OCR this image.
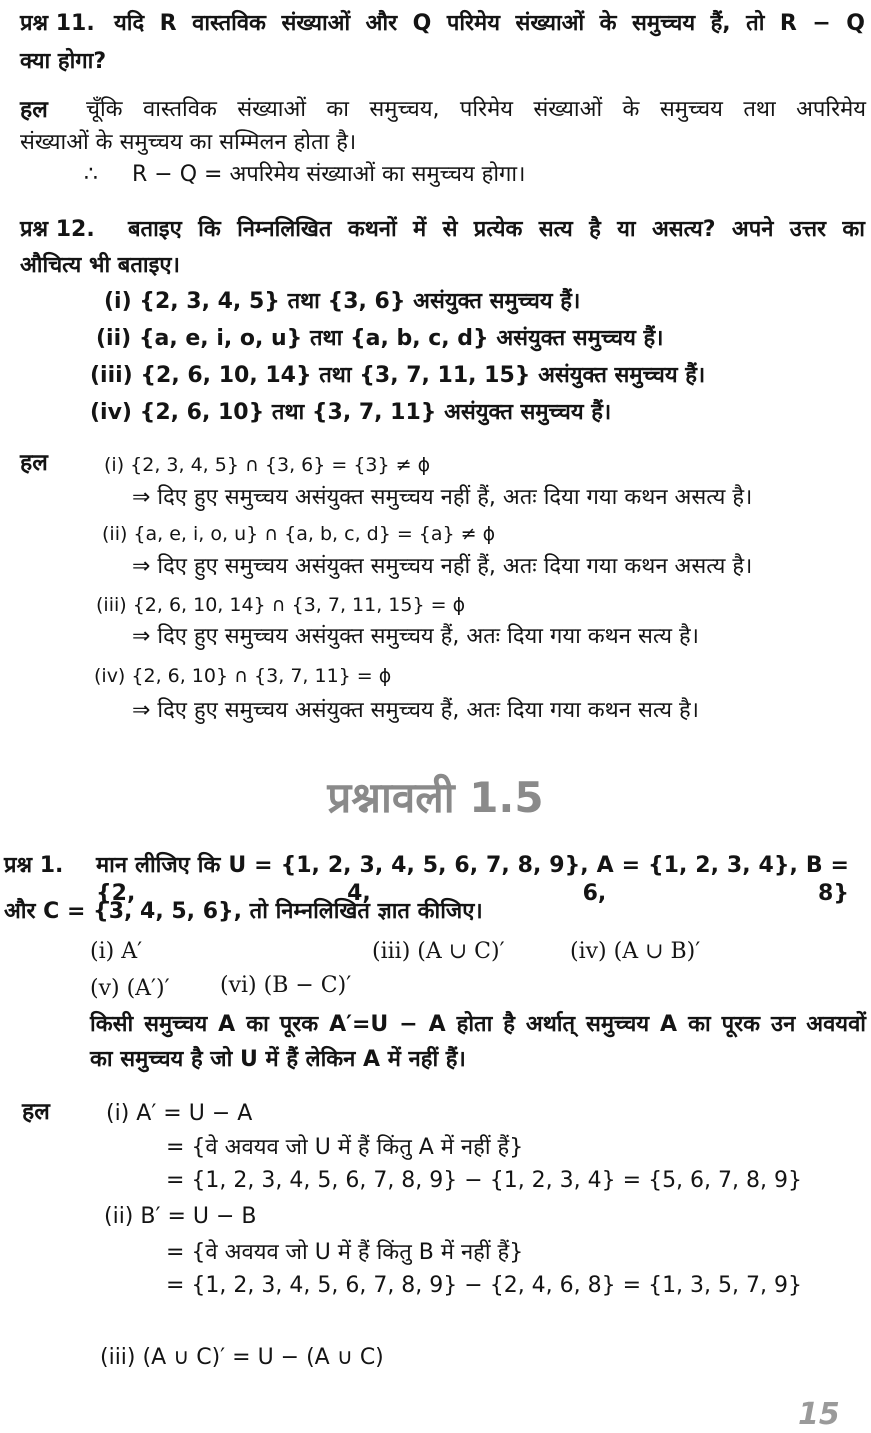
यदि R वास्तविक संख्याओं और Q परिमेय संख्याओं के समुच्चय हैं, तो R − Q
प्रश्न 11.
क्या होगा?
हल चूँकि वास्तविक संख्याओं का समुच्चय, परिमेय संख्याओं के समुच्चय तथा अपरिमेय
संख्याओं के समुच्चय का सम्मिलन होता है।
∴ R − Q = अपरिमेय संख्याओं का समुच्चय होगा।
बताइए कि निम्नलिखित कथनों में से प्रत्येक सत्य है या असत्य? अपने उत्तर का
प्रश्न 12.
औचित्य भी बताइए।
(i) {2, 3, 4, 5} तथा {3, 6} असंयुक्त समुच्चय हैं।
(ii) {a, e, i, o, u} तथा {a, b, c, d} असंयुक्त समुच्चय हैं।
(iii) {2, 6, 10, 14} तथा {3, 7, 11, 15} असंयुक्त समुच्चय हैं।
(iv) {2, 6, 10} तथा {3, 7, 11} असंयुक्त समुच्चय हैं।
हल	(i) {2, 3, 4, 5} ∩ {3, 6} = {3} ≠ ϕ
⇒ दिए हुए समुच्चय असंयुक्त समुच्चय नहीं हैं, अतः दिया गया कथन असत्य है।
(ii) {a, e, i, o, u} ∩ {a, b, c, d} = {a} ≠ ϕ
⇒ दिए हुए समुच्चय असंयुक्त समुच्चय नहीं हैं, अतः दिया गया कथन असत्य है।
(iii) {2, 6, 10, 14} ∩ {3, 7, 11, 15} = ϕ
⇒ दिए हुए समुच्चय असंयुक्त समुच्चय हैं, अतः दिया गया कथन सत्य है।
(iv) {2, 6, 10} ∩ {3, 7, 11} = ϕ
⇒ दिए हुए समुच्चय असंयुक्त समुच्चय हैं, अतः दिया गया कथन सत्य है।
प्रश्नावली 1.5
मान लीजिए कि U = {1, 2, 3, 4, 5, 6, 7, 8, 9}, A = {1, 2, 3, 4}, B = {2, 4, 6, 8}
प्रश्न 1.
और C = {3, 4, 5, 6}, तो निम्नलिखित ज्ञात कीजिए।
(i) A′	(iii) (A ∪ C)′	(iv) (A ∪ B)′
(v) (A′)′ (vi) (B − C)′
किसी समुच्चय A का पूरक A′=U − A होता है अर्थात् समुच्चय A का पूरक उन अवयवों
का समुच्चय है जो U में हैं लेकिन A में नहीं हैं।
हल	(i) A′ = U − A
= {वे अवयव जो U में हैं किंतु A में नहीं हैं}
= {1, 2, 3, 4, 5, 6, 7, 8, 9} − {1, 2, 3, 4} = {5, 6, 7, 8, 9}
(ii) B′ = U − B
= {वे अवयव जो U में हैं किंतु B में नहीं हैं}
= {1, 2, 3, 4, 5, 6, 7, 8, 9} − {2, 4, 6, 8} = {1, 3, 5, 7, 9}
(iii) (A ∪ C)′ = U − (A ∪ C)
15
